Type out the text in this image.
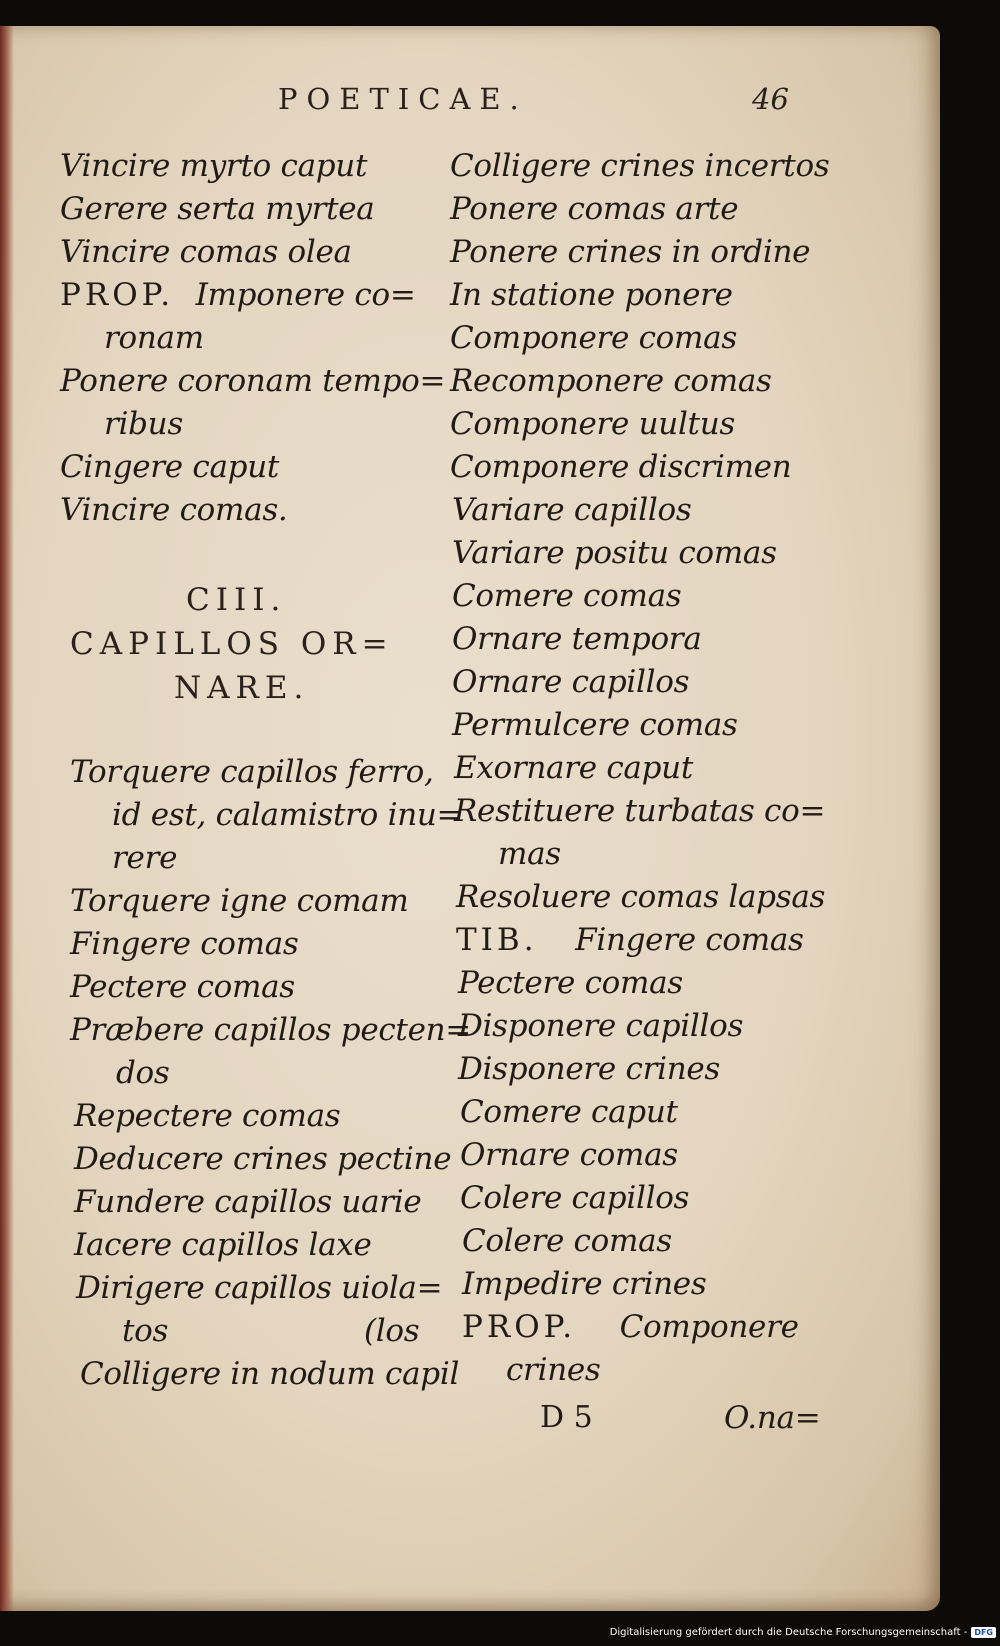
POETICAE.	46
Vincire myrto caput
Gerere serta myrtea
Vincire comas olea
PROP. Imponere co=
ronam
Ponere coronam tempo=
ribus
Cingere caput
Vincire comas.
CIII.
CAPILLOS OR=
NARE.
Torquere capillos ferro,
id est, calamistro inu=
rere
Torquere igne comam
Fingere comas
Pectere comas
Præbere capillos pecten=
dos
Repectere comas
Deducere crines pectine
Fundere capillos uarie
Iacere capillos laxe
Dirigere capillos uiola=
tos	(los
Colligere in nodum capil
Colligere crines incertos
Ponere comas arte
Ponere crines in ordine
In statione ponere
Componere comas
Recomponere comas
Componere uultus
Componere discrimen
Variare capillos
Variare positu comas
Comere comas
Ornare tempora
Ornare capillos
Permulcere comas
Exornare caput
Restituere turbatas co=
mas
Resoluere comas lapsas
TIB. Fingere comas
Pectere comas
Disponere capillos
Disponere crines
Comere caput
Ornare comas
Colere capillos
Colere comas
Impedire crines
PROP. Componere
crines
D 5	O.na=
Digitalisierung gefördert durch die Deutsche Forschungsgemeinschaft - DFG
